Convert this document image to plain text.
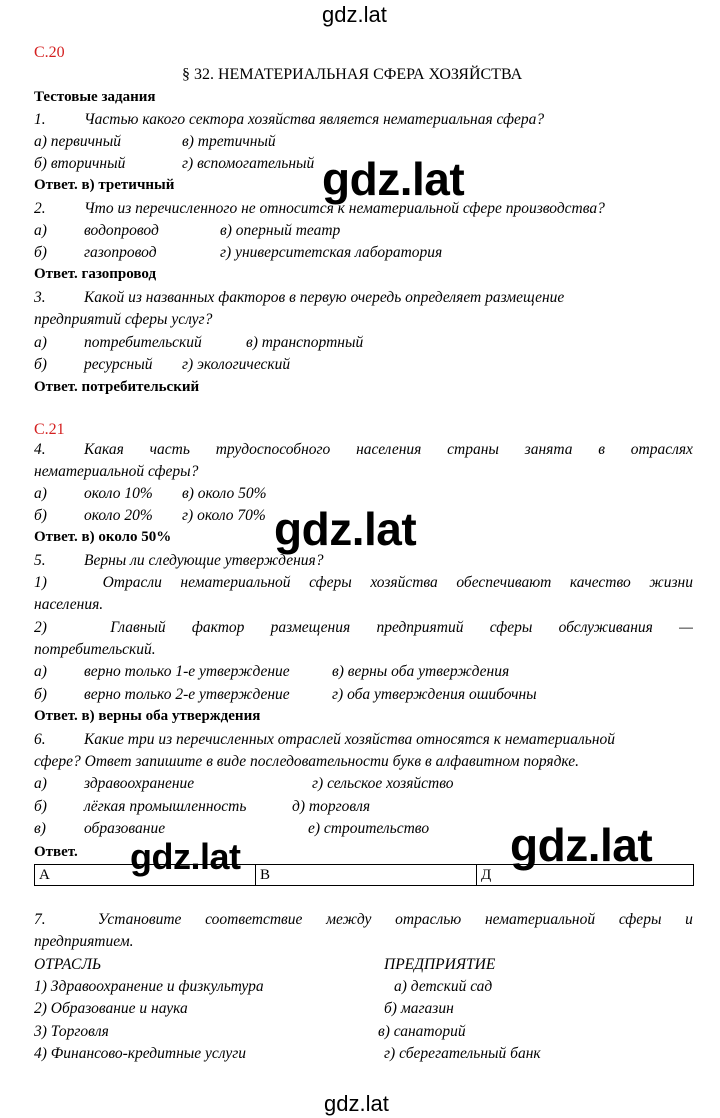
gdz.lat
С.20
§ 32. НЕМАТЕРИАЛЬНАЯ СФЕРА ХОЗЯЙСТВА
Тестовые задания
1. Частью какого сектора хозяйства является нематериальная сфера?
а) первичный	в) третичный
б) вторичный	г) вспомогательный
Ответ. в) третичный	gdz.lat
2. Что из перечисленного не относится к нематериальной сфере производства?
а) водопровод	в) оперный театр
б) газопровод	г) университетская лаборатория
Ответ. газопровод
3. Какой из названных факторов в первую очередь определяет размещение
предприятий сферы услуг?
а) потребительский	в) транспортный
б) ресурсный г) экологический
Ответ. потребительский
С.21
4. Какая часть трудоспособного населения страны занята в отраслях
нематериальной сферы?
а) около 10% в) около 50%
б) около 20% г) около 70%
Ответ. в) около 50% gdz.lat
5. Верны ли следующие утверждения?
1)	Отрасли нематериальной сферы хозяйства обеспечивают качество жизни
населения.
2)	Главный фактор размещения предприятий сферы обслуживания —
потребительский.
а) верно только 1-е утверждение	в) верны оба утверждения
б) верно только 2-е утверждение	г) оба утверждения ошибочны
Ответ. в) верны оба утверждения
6. Какие три из перечисленных отраслей хозяйства относятся к нематериальной
сфере? Ответ запишите в виде последовательности букв в алфавитном порядке.
а) здравоохранение	г) сельское хозяйство
б) лёгкая промышленность	д) торговля
в) образование	е) строительство
Ответ.
А	В	Д
gdz.lat	gdz.lat
7.	Установите соответствие между отраслью нематериальной сферы и
предприятием.
ОТРАСЛЬ	ПРЕДПРИЯТИЕ
1) Здравоохранение и физкультура	а) детский сад
2) Образование и наука	б) магазин
3) Торговля	в) санаторий
4) Финансово-кредитные услуги	г) сберегательный банк
gdz.lat
